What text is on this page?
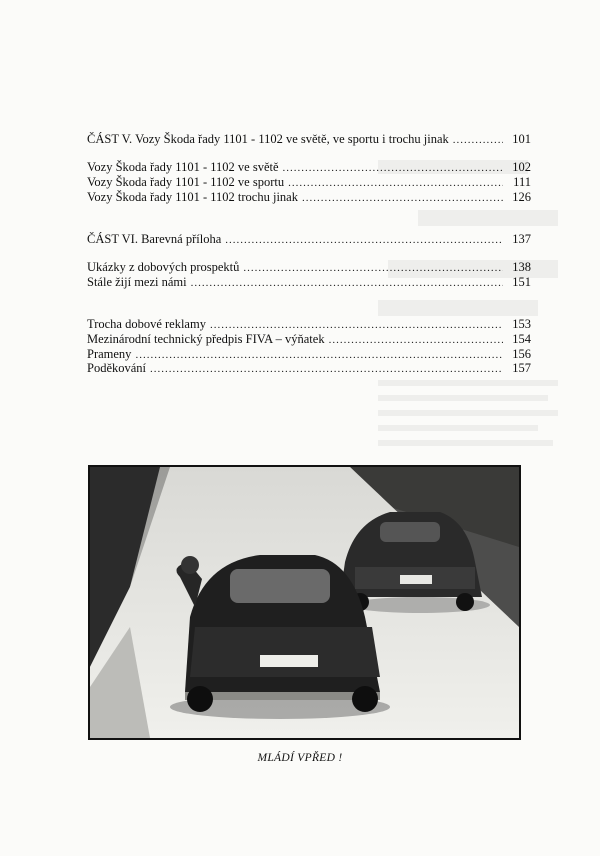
ČÁST V. Vozy Škoda řady 1101 - 1102 ve světě, ve sportu i trochu jinak .....	101
Vozy Škoda řady 1101 - 1102 ve světě .....	102
Vozy Škoda řady 1101 - 1102 ve sportu .....	111
Vozy Škoda řady 1101 - 1102 trochu jinak .....	126
ČÁST VI. Barevná příloha .....	137
Ukázky z dobových prospektů .....	138
Stále žijí mezi námi .....	151
Trocha dobové reklamy .....	153
Mezinárodní technický předpis FIVA – výňatek .....	154
Prameny .....	156
Poděkování .....	157
MLÁDÍ VPŘED !
